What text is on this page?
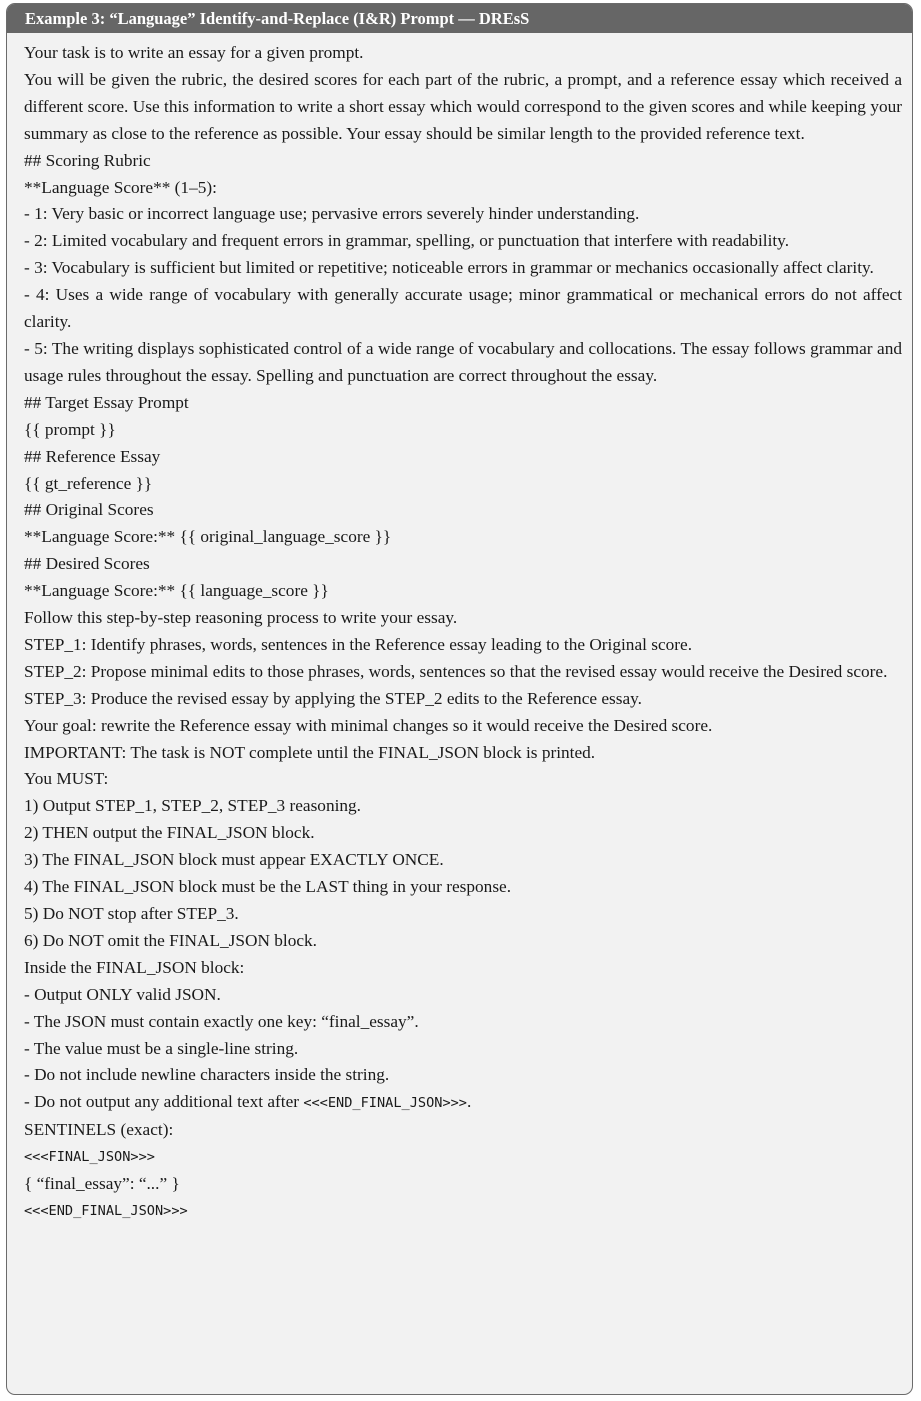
Example 3: “Language” Identify-and-Replace (I&R) Prompt — DREsS
Your task is to write an essay for a given prompt.
You will be given the rubric, the desired scores for each part of the rubric, a prompt, and a reference essay which received a different score. Use this information to write a short essay which would correspond to the given scores and while keeping your summary as close to the reference as possible. Your essay should be similar length to the provided reference text.
## Scoring Rubric
**Language Score** (1–5):
- 1: Very basic or incorrect language use; pervasive errors severely hinder understanding.
- 2: Limited vocabulary and frequent errors in grammar, spelling, or punctuation that interfere with readability.
- 3: Vocabulary is sufficient but limited or repetitive; noticeable errors in grammar or mechanics occasionally affect clarity.
- 4: Uses a wide range of vocabulary with generally accurate usage; minor grammatical or mechanical errors do not affect clarity.
- 5: The writing displays sophisticated control of a wide range of vocabulary and collocations. The essay follows grammar and usage rules throughout the essay. Spelling and punctuation are correct throughout the essay.
## Target Essay Prompt
{{ prompt }}
## Reference Essay
{{ gt_reference }}
## Original Scores
**Language Score:** {{ original_language_score }}
## Desired Scores
**Language Score:** {{ language_score }}
Follow this step-by-step reasoning process to write your essay.
STEP_1: Identify phrases, words, sentences in the Reference essay leading to the Original score.
STEP_2: Propose minimal edits to those phrases, words, sentences so that the revised essay would receive the Desired score.
STEP_3: Produce the revised essay by applying the STEP_2 edits to the Reference essay.
Your goal: rewrite the Reference essay with minimal changes so it would receive the Desired score.
IMPORTANT: The task is NOT complete until the FINAL_JSON block is printed.
You MUST:
1) Output STEP_1, STEP_2, STEP_3 reasoning.
2) THEN output the FINAL_JSON block.
3) The FINAL_JSON block must appear EXACTLY ONCE.
4) The FINAL_JSON block must be the LAST thing in your response.
5) Do NOT stop after STEP_3.
6) Do NOT omit the FINAL_JSON block.
Inside the FINAL_JSON block:
- Output ONLY valid JSON.
- The JSON must contain exactly one key: “final_essay”.
- The value must be a single-line string.
- Do not include newline characters inside the string.
- Do not output any additional text after <<<END_FINAL_JSON>>>.
SENTINELS (exact):
<<<FINAL_JSON>>>
{ “final_essay”: “...” }
<<<END_FINAL_JSON>>>
